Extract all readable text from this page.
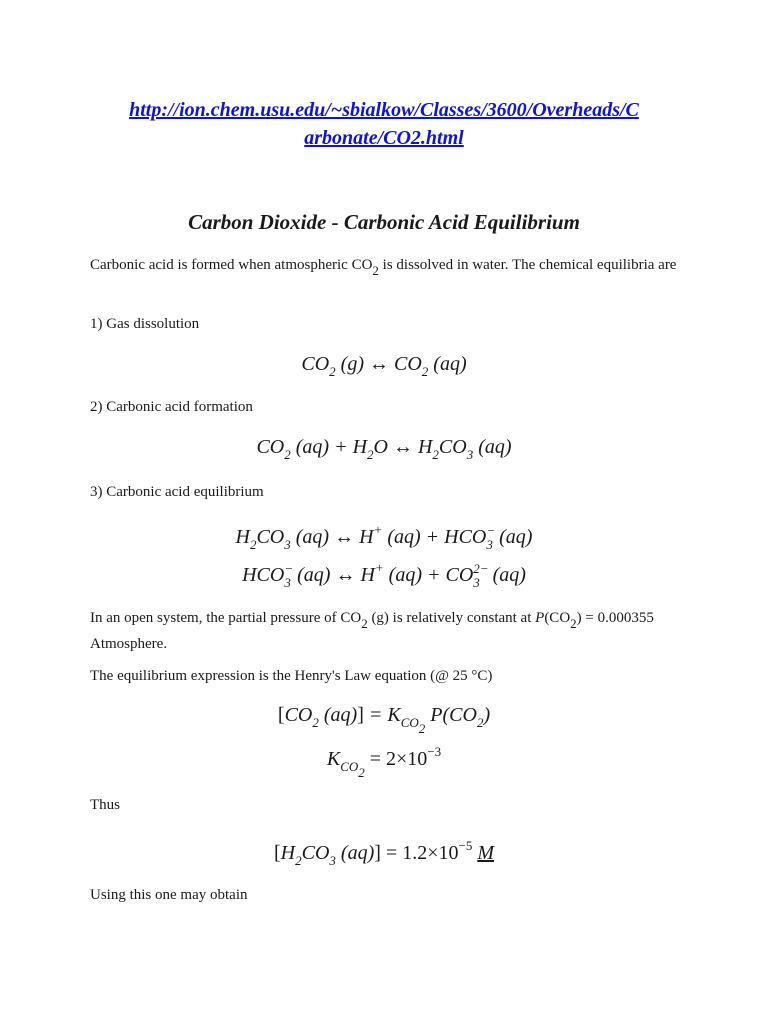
http://ion.chem.usu.edu/~sbialkow/Classes/3600/Overheads/C
arbonate/CO2.html
Carbon Dioxide - Carbonic Acid Equilibrium
Carbonic acid is formed when atmospheric $CO_2$ is dissolved in water. The chemical equilibria are
1) Gas dissolution
$CO_2$ (g) ↔ $CO_2$ (aq)
2) Carbonic acid formation
$CO_2$ $(aq) + H_2O$ ↔ $H_2CO_3$ (aq)
3) Carbonic acid equilibrium
$H_2CO_3$ (aq) ↔ H+ (aq) + HCO −
3 (aq)
HCO −
3 (aq) ↔ H+ (aq) + CO 2−
3 (aq)
In an open system, the partial pressure of $CO_2$ (g) is relatively constant at $P(CO_2) = 0.000355$ Atmosphere.
The equilibrium expression is the Henry's Law equation (@ 25 °C)
[$CO_2$ $(aq)] = K_{CO_2}$ $P(CO_2)$
$K_{CO_2} = 2\times 10^{-3}$
Thus
[$H_2CO_3$ $(aq)] = 1.2\times 10^{-5}$ M
Using this one may obtain
